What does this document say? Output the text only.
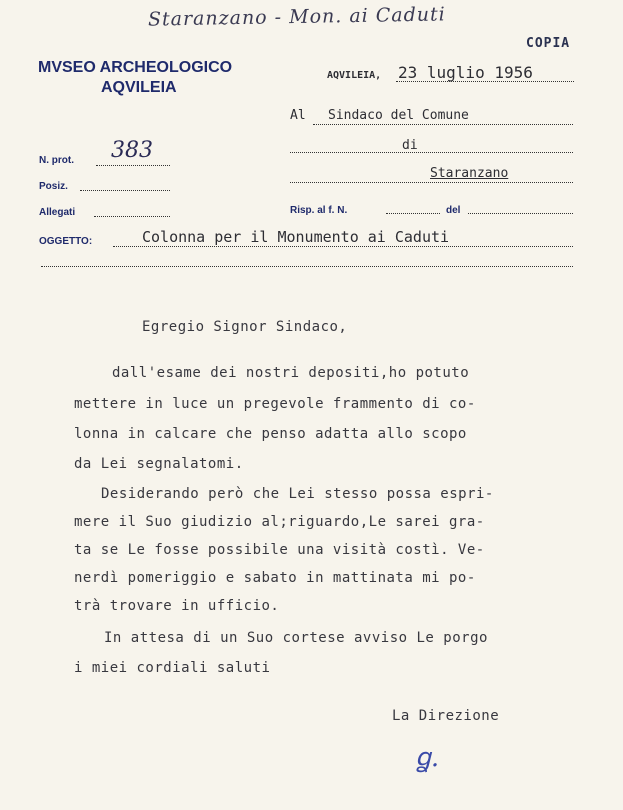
Staranzano - Mon. ai Caduti
COPIA
MVSEO ARCHEOLOGICO
AQVILEIA
AQVILEIA, 23 luglio 1956
Al Sindaco del Comune
di
Staranzano
N. prot. 383
Posiz.
Allegati	Risp. al f. N.	del
OGGETTO:	Colonna per il Monumento ai Caduti
Egregio Signor Sindaco,
dall'esame dei nostri depositi,ho potuto
mettere in luce un pregevole frammento di co-
lonna in calcare che penso adatta allo scopo
da Lei segnalatomi.
Desiderando però che Lei stesso possa espri-
mere il Suo giudizio al;riguardo,Le sarei gra-
ta se Le fosse possibile una visità costì. Ve-
nerdì pomeriggio e sabato in mattinata mi po-
trà trovare in ufficio.
In attesa di un Suo cortese avviso Le porgo
i miei cordiali saluti
La Direzione
ꬶ.
